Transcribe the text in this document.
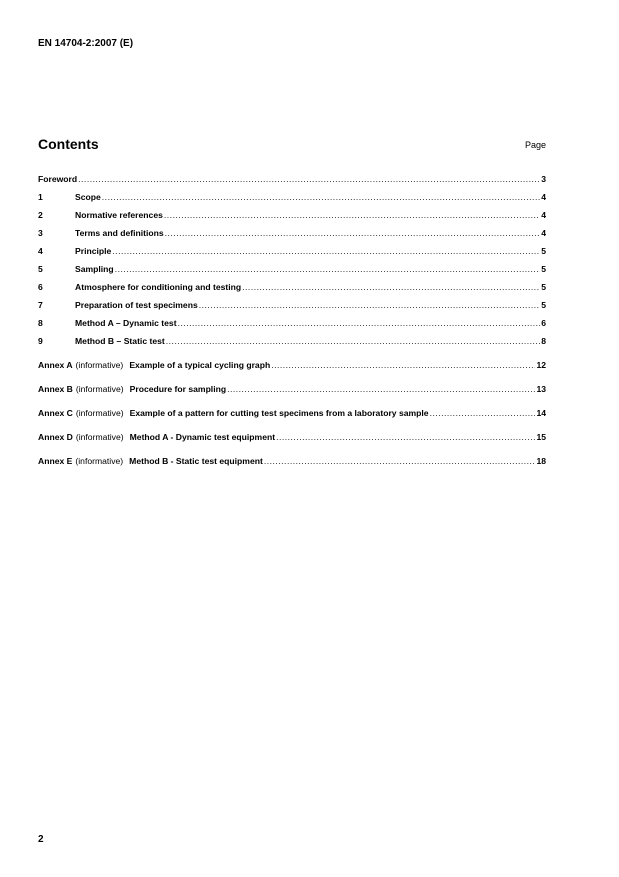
EN 14704-2:2007 (E)
Contents	Page
Foreword .....	3
1	Scope .....	4
2	Normative references .....	4
3	Terms and definitions .....	4
4	Principle .....	5
5	Sampling .....	5
6	Atmosphere for conditioning and testing .....	5
7	Preparation of test specimens .....	5
8	Method A – Dynamic test .....	6
9	Method B – Static test .....	8
Annex A (informative) Example of a typical cycling graph .....	12
Annex B (informative) Procedure for sampling .....	13
Annex C (informative) Example of a pattern for cutting test specimens from a laboratory sample .....	14
Annex D (informative) Method A - Dynamic test equipment .....	15
Annex E (informative) Method B - Static test equipment .....	18
2
